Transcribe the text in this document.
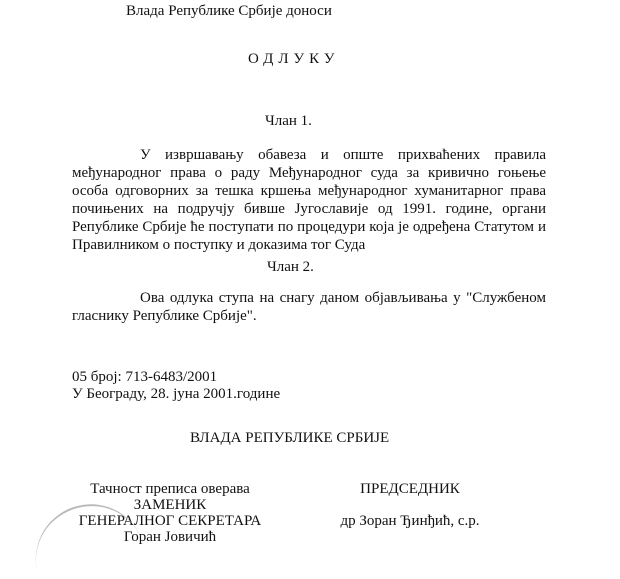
Влада Републике Србије доноси
ОДЛУКУ
Члан 1.

У извршавању обавеза и опште прихваћених правила међународног права о раду Међународног суда за кривично гоњење особа одговорних за тешка кршења међународног хуманитарног права почињених на подручју бивше Југославије од 1991. године, органи Републике Србије ће поступати по процедури која је одређена Статутом и Правилником о поступку и доказима тог Суда

Члан 2.

Ова одлука ступа на снагу даном објављивања у "Службеном гласнику Републике Србије".

05 број: 713-6483/2001
У Београду, 28. јуна 2001.године
ВЛАДА РЕПУБЛИКЕ СРБИЈЕ
Тачност преписа оверава
ЗАМЕНИК
ГЕНЕРАЛНОГ СЕКРЕТАРА
Горан Јовичић
ПРЕДСЕДНИК
др Зоран Ђинђић, с.р.
